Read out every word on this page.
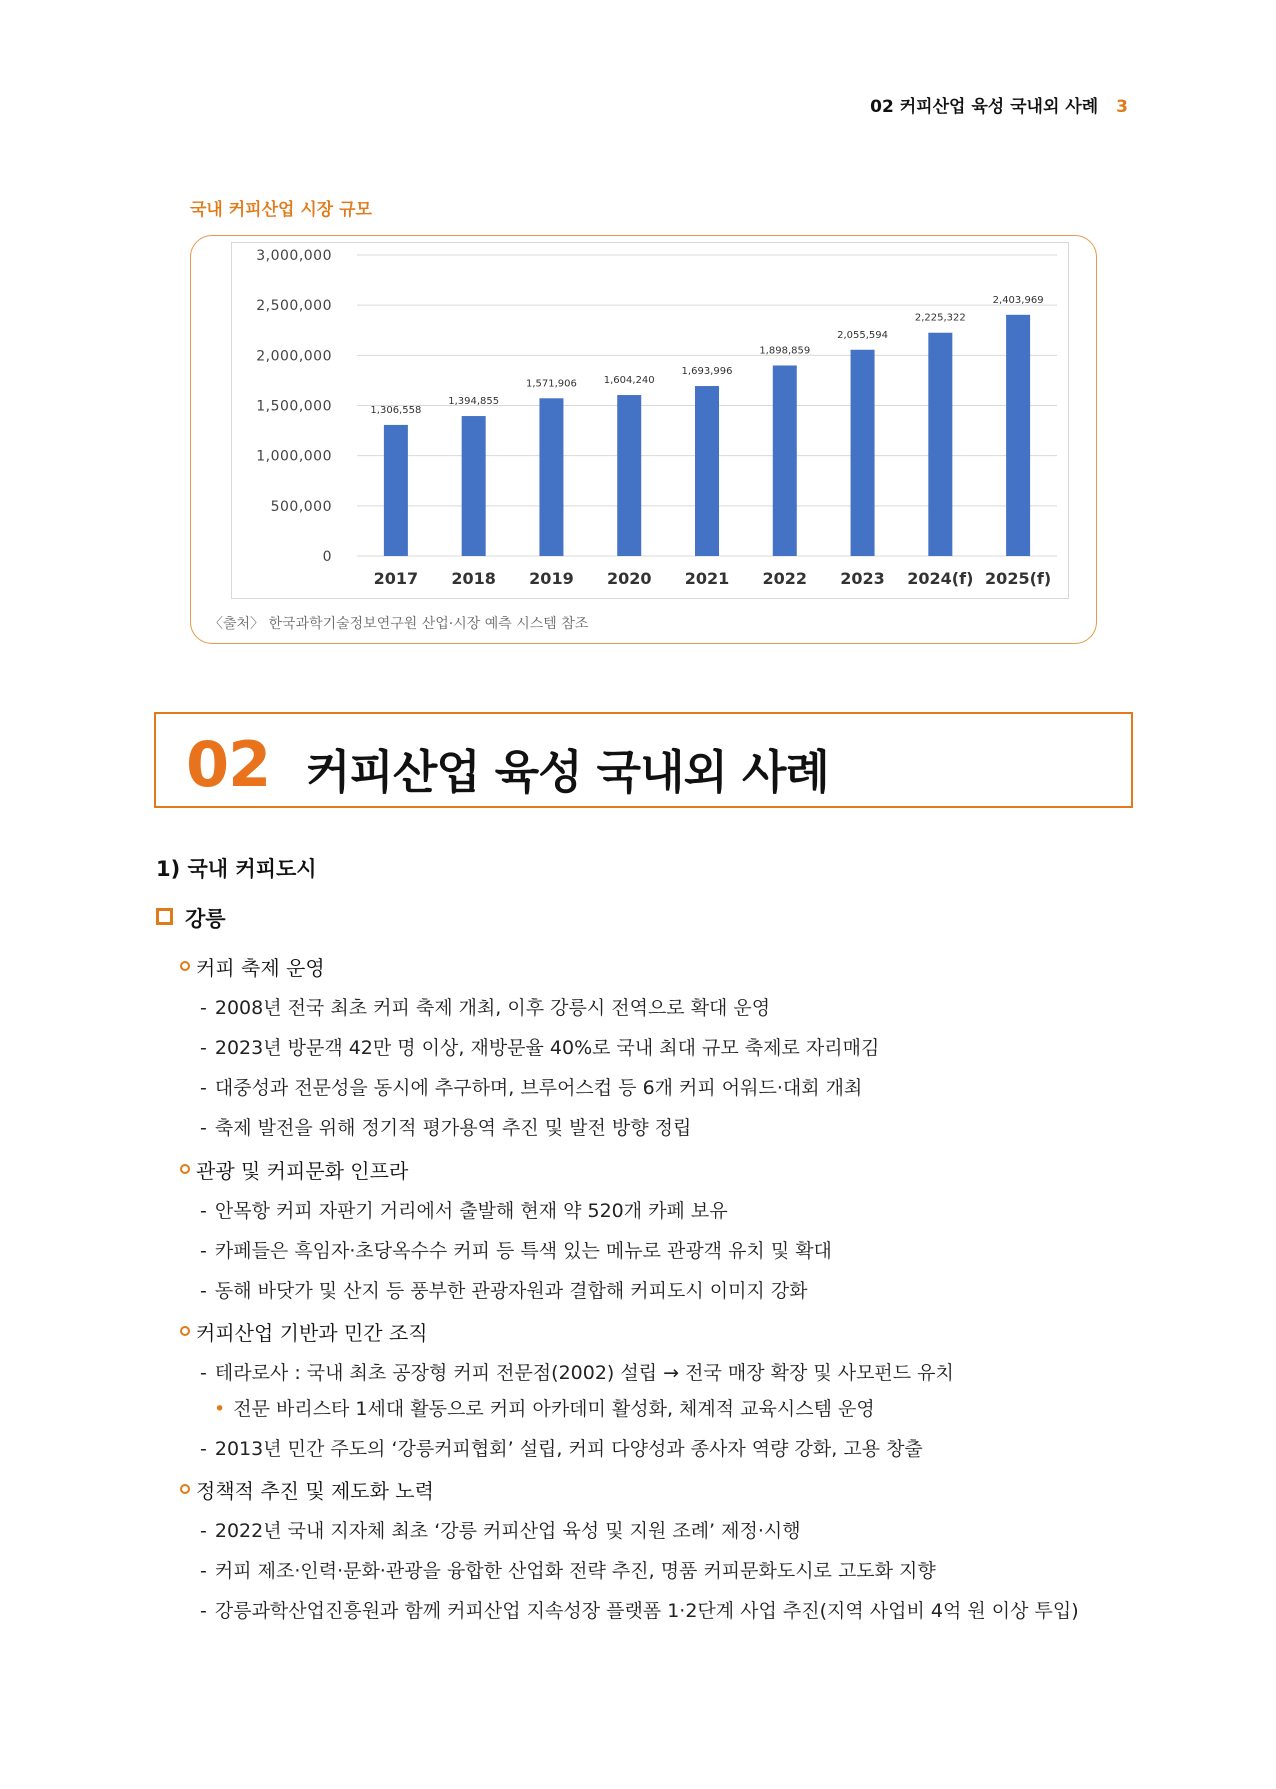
02 커피산업 육성 국내외 사례 3
국내 커피산업 시장 규모
0
500,000
1,000,000
1,500,000
2,000,000
2,500,000
3,000,000
1,306,558
2017
1,394,855
2018
1,571,906
2019
1,604,240
2020
1,693,996
2021
1,898,859
2022
2,055,594
2023
2,225,322
2024(f)
2,403,969
2025(f)
〈출처〉 한국과학기술정보연구원 산업·시장 예측 시스템 참조
02 커피산업 육성 국내외 사례
1) 국내 커피도시
강릉
커피 축제 운영
- 2008년 전국 최초 커피 축제 개최, 이후 강릉시 전역으로 확대 운영
- 2023년 방문객 42만 명 이상, 재방문율 40%로 국내 최대 규모 축제로 자리매김
- 대중성과 전문성을 동시에 추구하며, 브루어스컵 등 6개 커피 어워드·대회 개최
- 축제 발전을 위해 정기적 평가용역 추진 및 발전 방향 정립
관광 및 커피문화 인프라
- 안목항 커피 자판기 거리에서 출발해 현재 약 520개 카페 보유
- 카페들은 흑임자·초당옥수수 커피 등 특색 있는 메뉴로 관광객 유치 및 확대
- 동해 바닷가 및 산지 등 풍부한 관광자원과 결합해 커피도시 이미지 강화
커피산업 기반과 민간 조직
- 테라로사 : 국내 최초 공장형 커피 전문점(2002) 설립 → 전국 매장 확장 및 사모펀드 유치
• 전문 바리스타 1세대 활동으로 커피 아카데미 활성화, 체계적 교육시스템 운영
- 2013년 민간 주도의 ‘강릉커피협회’ 설립, 커피 다양성과 종사자 역량 강화, 고용 창출
정책적 추진 및 제도화 노력
- 2022년 국내 지자체 최초 ‘강릉 커피산업 육성 및 지원 조례’ 제정·시행
- 커피 제조·인력·문화·관광을 융합한 산업화 전략 추진, 명품 커피문화도시로 고도화 지향
- 강릉과학산업진흥원과 함께 커피산업 지속성장 플랫폼 1·2단계 사업 추진(지역 사업비 4억 원 이상 투입)
